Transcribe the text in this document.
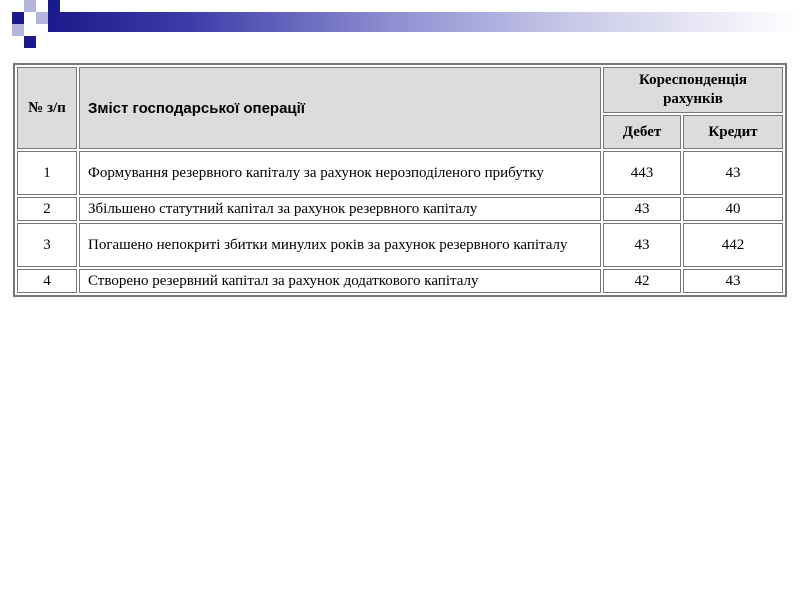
№ з/п	Зміст господарської операції	Кореспонденція рахунків	
		Дебет	Кредит
1	Формування резервного капіталу за рахунок нерозподіленого прибутку	443	43
2	Збільшено статутний капітал за рахунок резервного капіталу	43	40
3	Погашено непокриті збитки минулих років за рахунок резервного капіталу	43	442
4	Створено резервний капітал за рахунок додаткового капіталу	42	43
